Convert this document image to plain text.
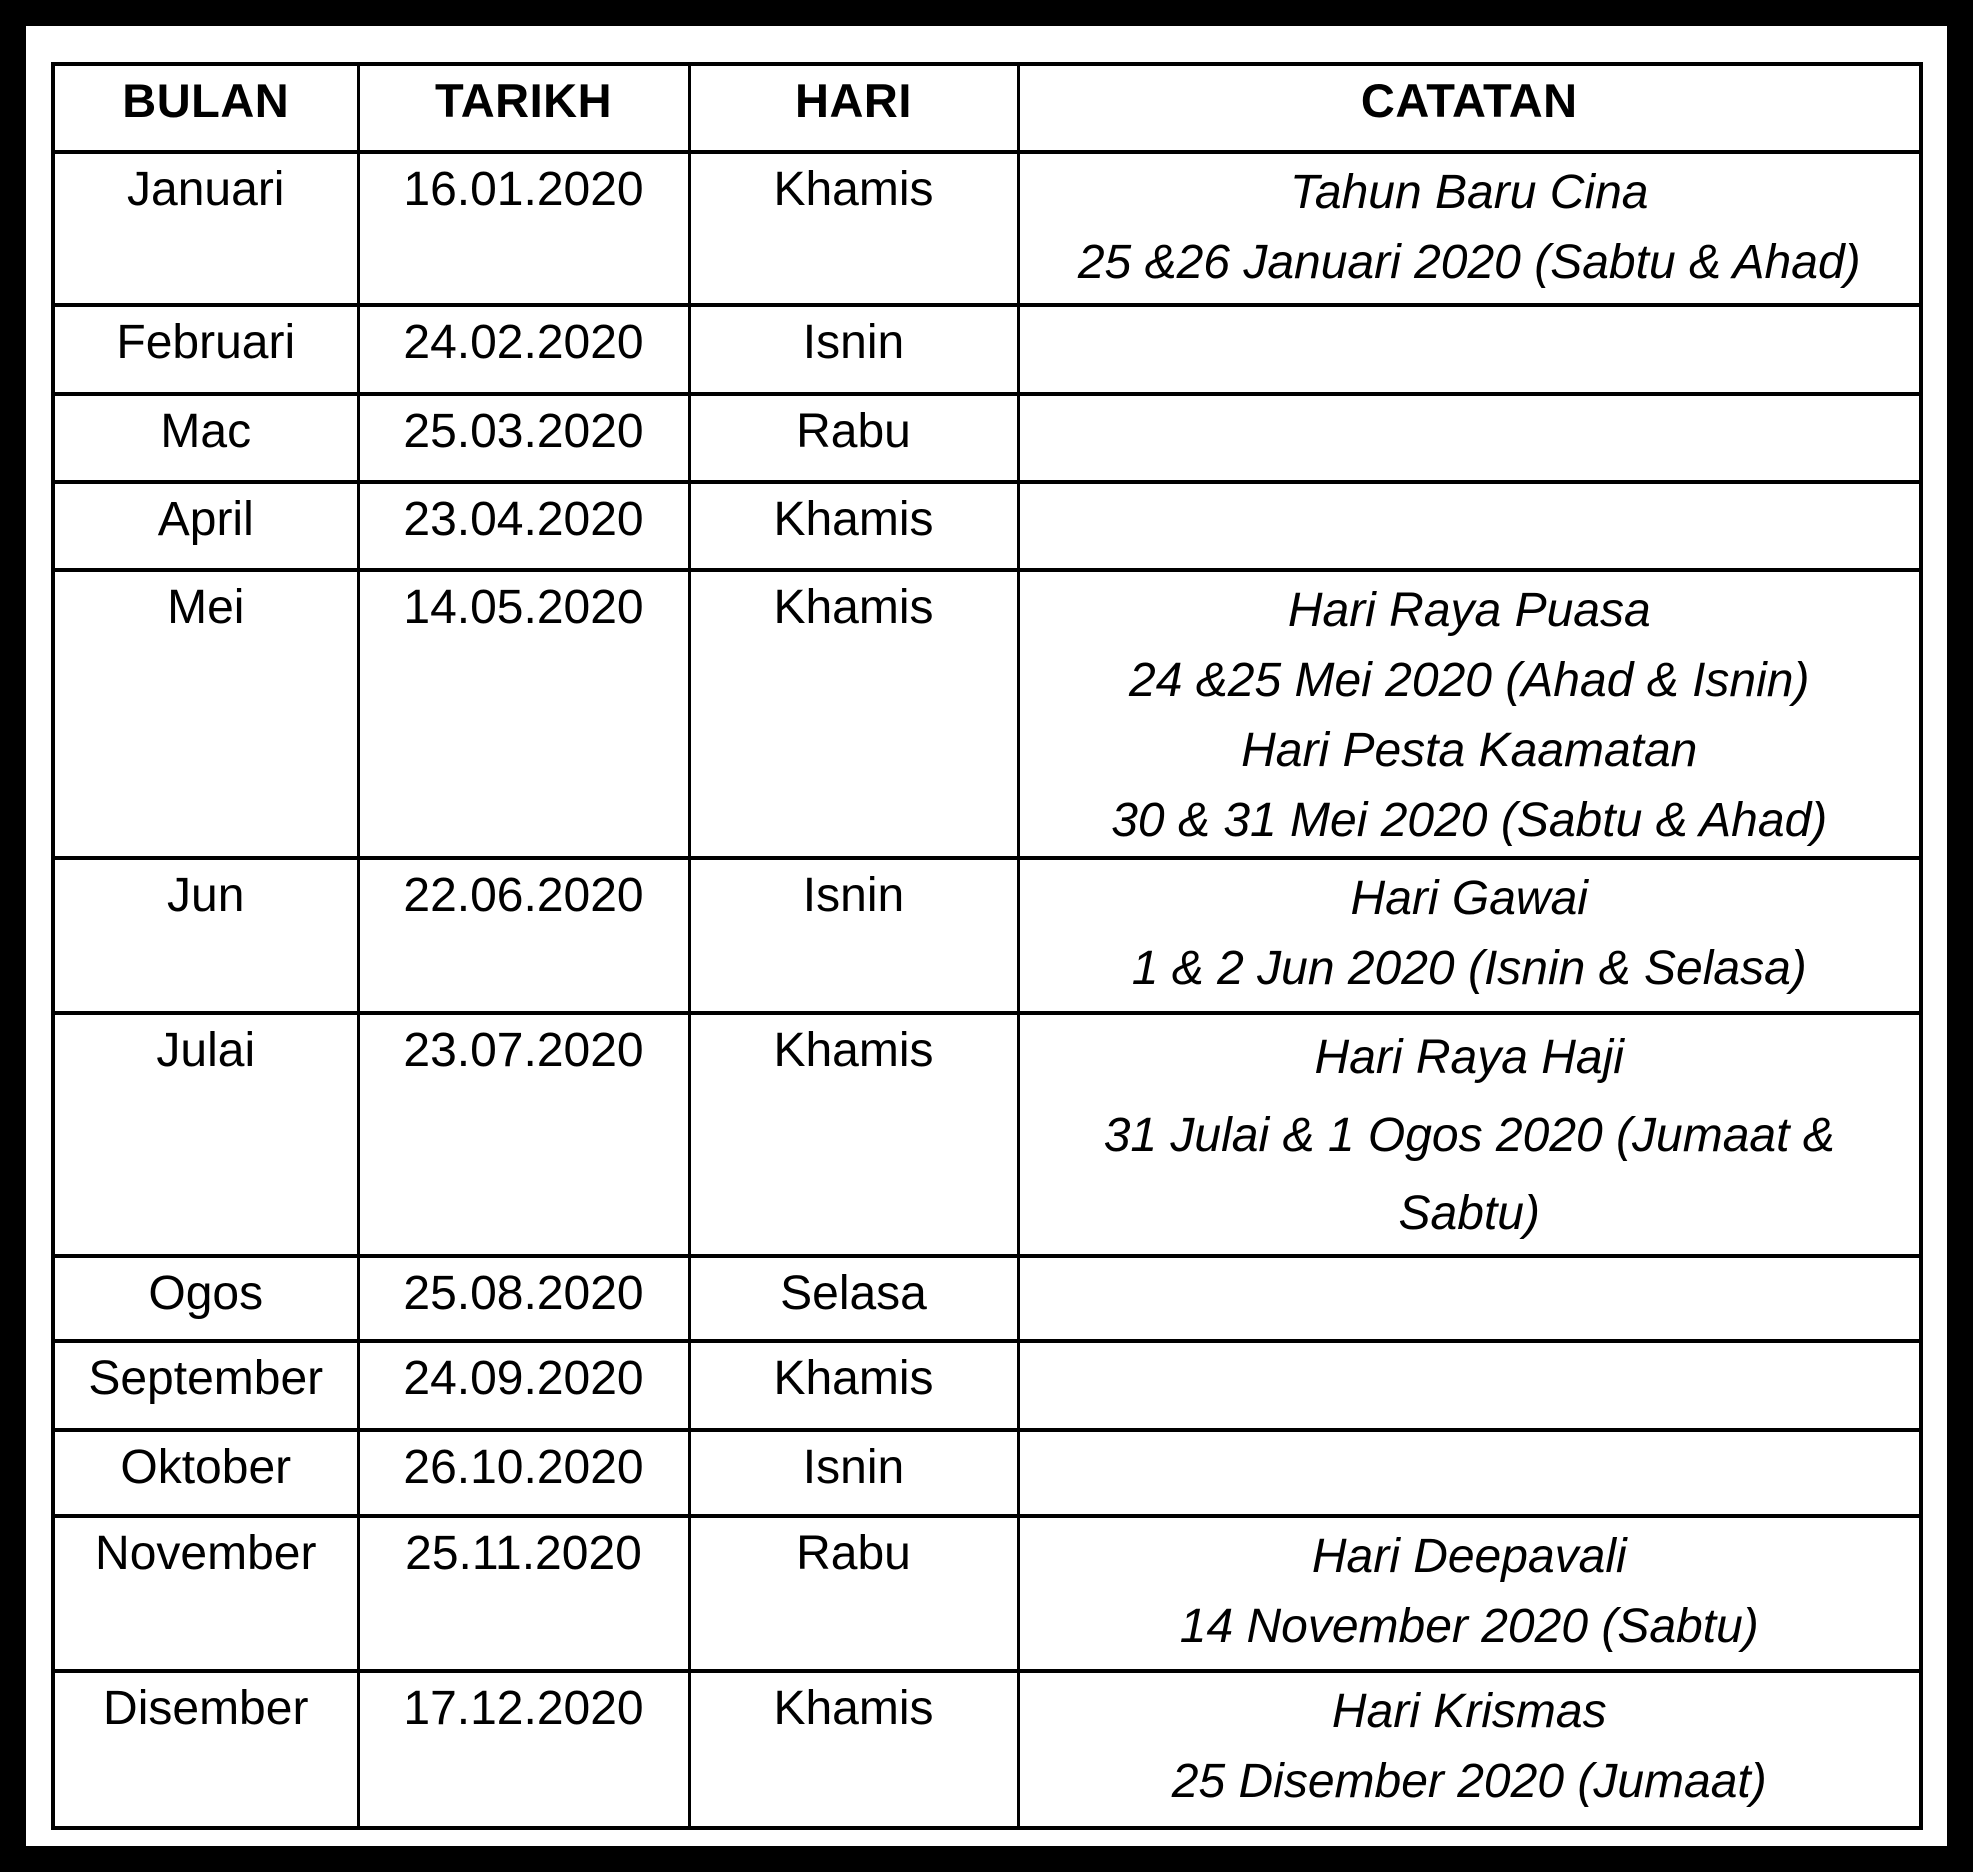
BULAN	TARIKH	HARI	CATATAN

Januari	16.01.2020	Khamis	Tahun Baru Cina
25 &26 Januari 2020 (Sabtu & Ahad)

Februari	24.02.2020	Isnin	

Mac	25.03.2020	Rabu	

April	23.04.2020	Khamis	

Mei	14.05.2020	Khamis	Hari Raya Puasa
24 &25 Mei 2020 (Ahad & Isnin)
Hari Pesta Kaamatan
30 & 31 Mei 2020 (Sabtu & Ahad)

Jun	22.06.2020	Isnin	Hari Gawai
1 & 2 Jun 2020 (Isnin & Selasa)

Julai	23.07.2020	Khamis	Hari Raya Haji
31 Julai & 1 Ogos 2020 (Jumaat &
Sabtu)

Ogos	25.08.2020	Selasa	

September	24.09.2020	Khamis	

Oktober	26.10.2020	Isnin	

November	25.11.2020	Rabu	Hari Deepavali
14 November 2020 (Sabtu)

Disember	17.12.2020	Khamis	Hari Krismas
25 Disember 2020 (Jumaat)
